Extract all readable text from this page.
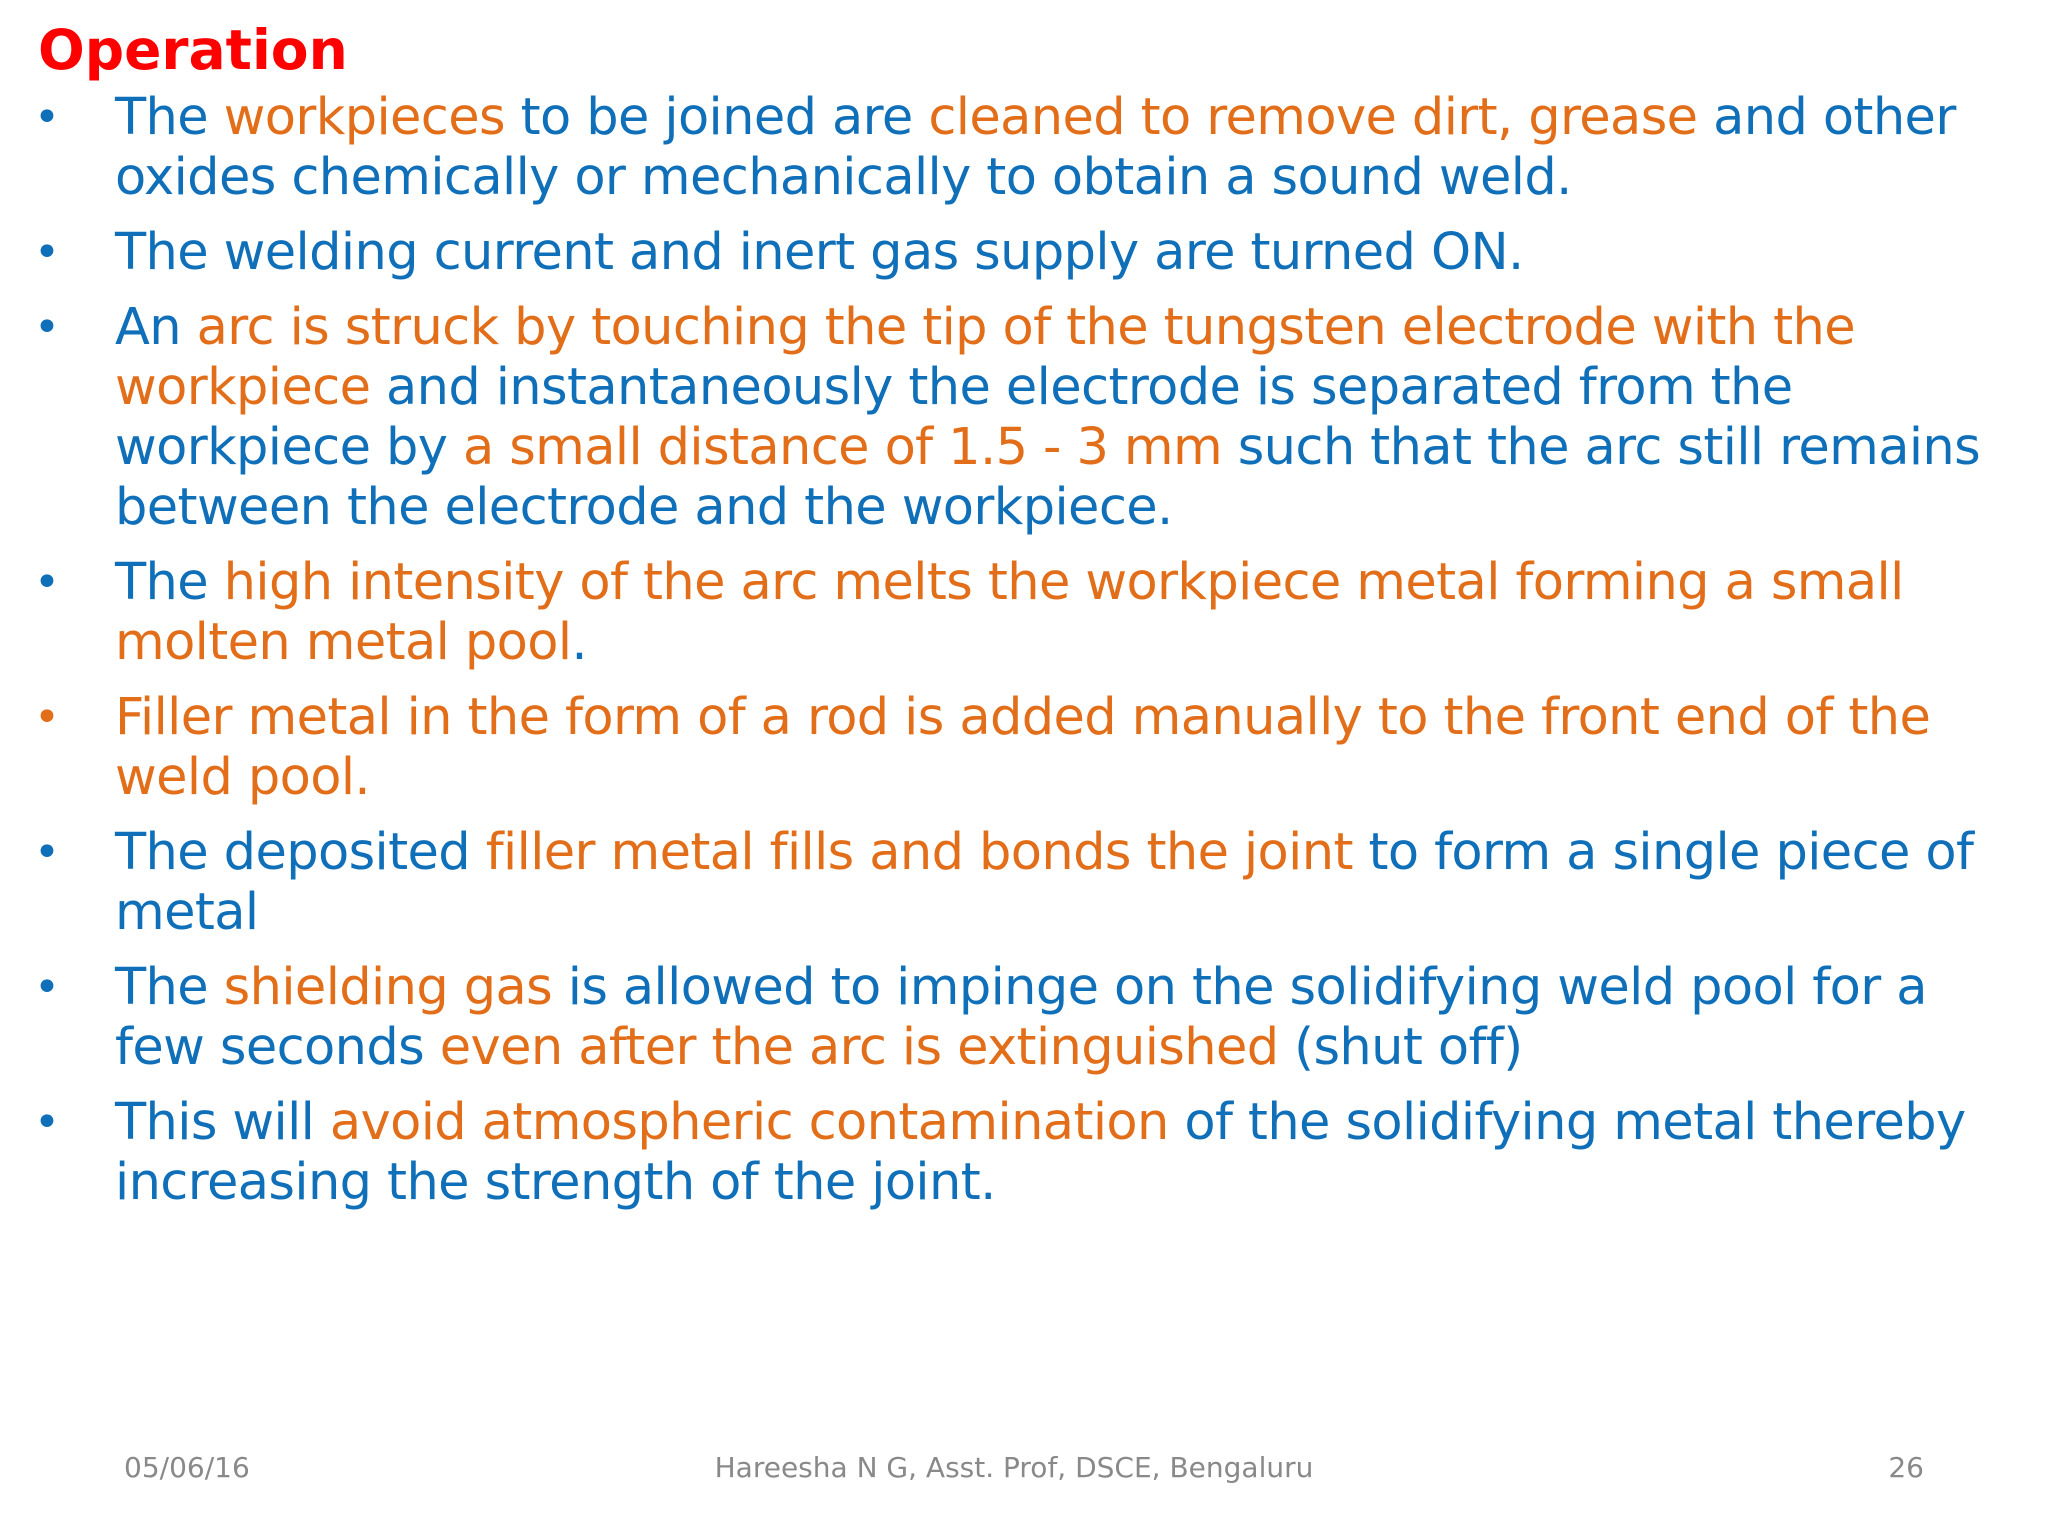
Operation
• The workpieces to be joined are cleaned to remove dirt, grease and other oxides chemically or mechanically to obtain a sound weld.
• The welding current and inert gas supply are turned ON.
• An arc is struck by touching the tip of the tungsten electrode with the workpiece and instantaneously the electrode is separated from the workpiece by a small distance of 1.5 - 3 mm such that the arc still remains between the electrode and the workpiece.
• The high intensity of the arc melts the workpiece metal forming a small molten metal pool.
• Filler metal in the form of a rod is added manually to the front end of the weld pool.
• The deposited filler metal fills and bonds the joint to form a single piece of metal
• The shielding gas is allowed to impinge on the solidifying weld pool for a few seconds even after the arc is extinguished (shut off)
• This will avoid atmospheric contamination of the solidifying metal thereby increasing the strength of the joint.
05/06/16	Hareesha N G, Asst. Prof, DSCE, Bengaluru	26
